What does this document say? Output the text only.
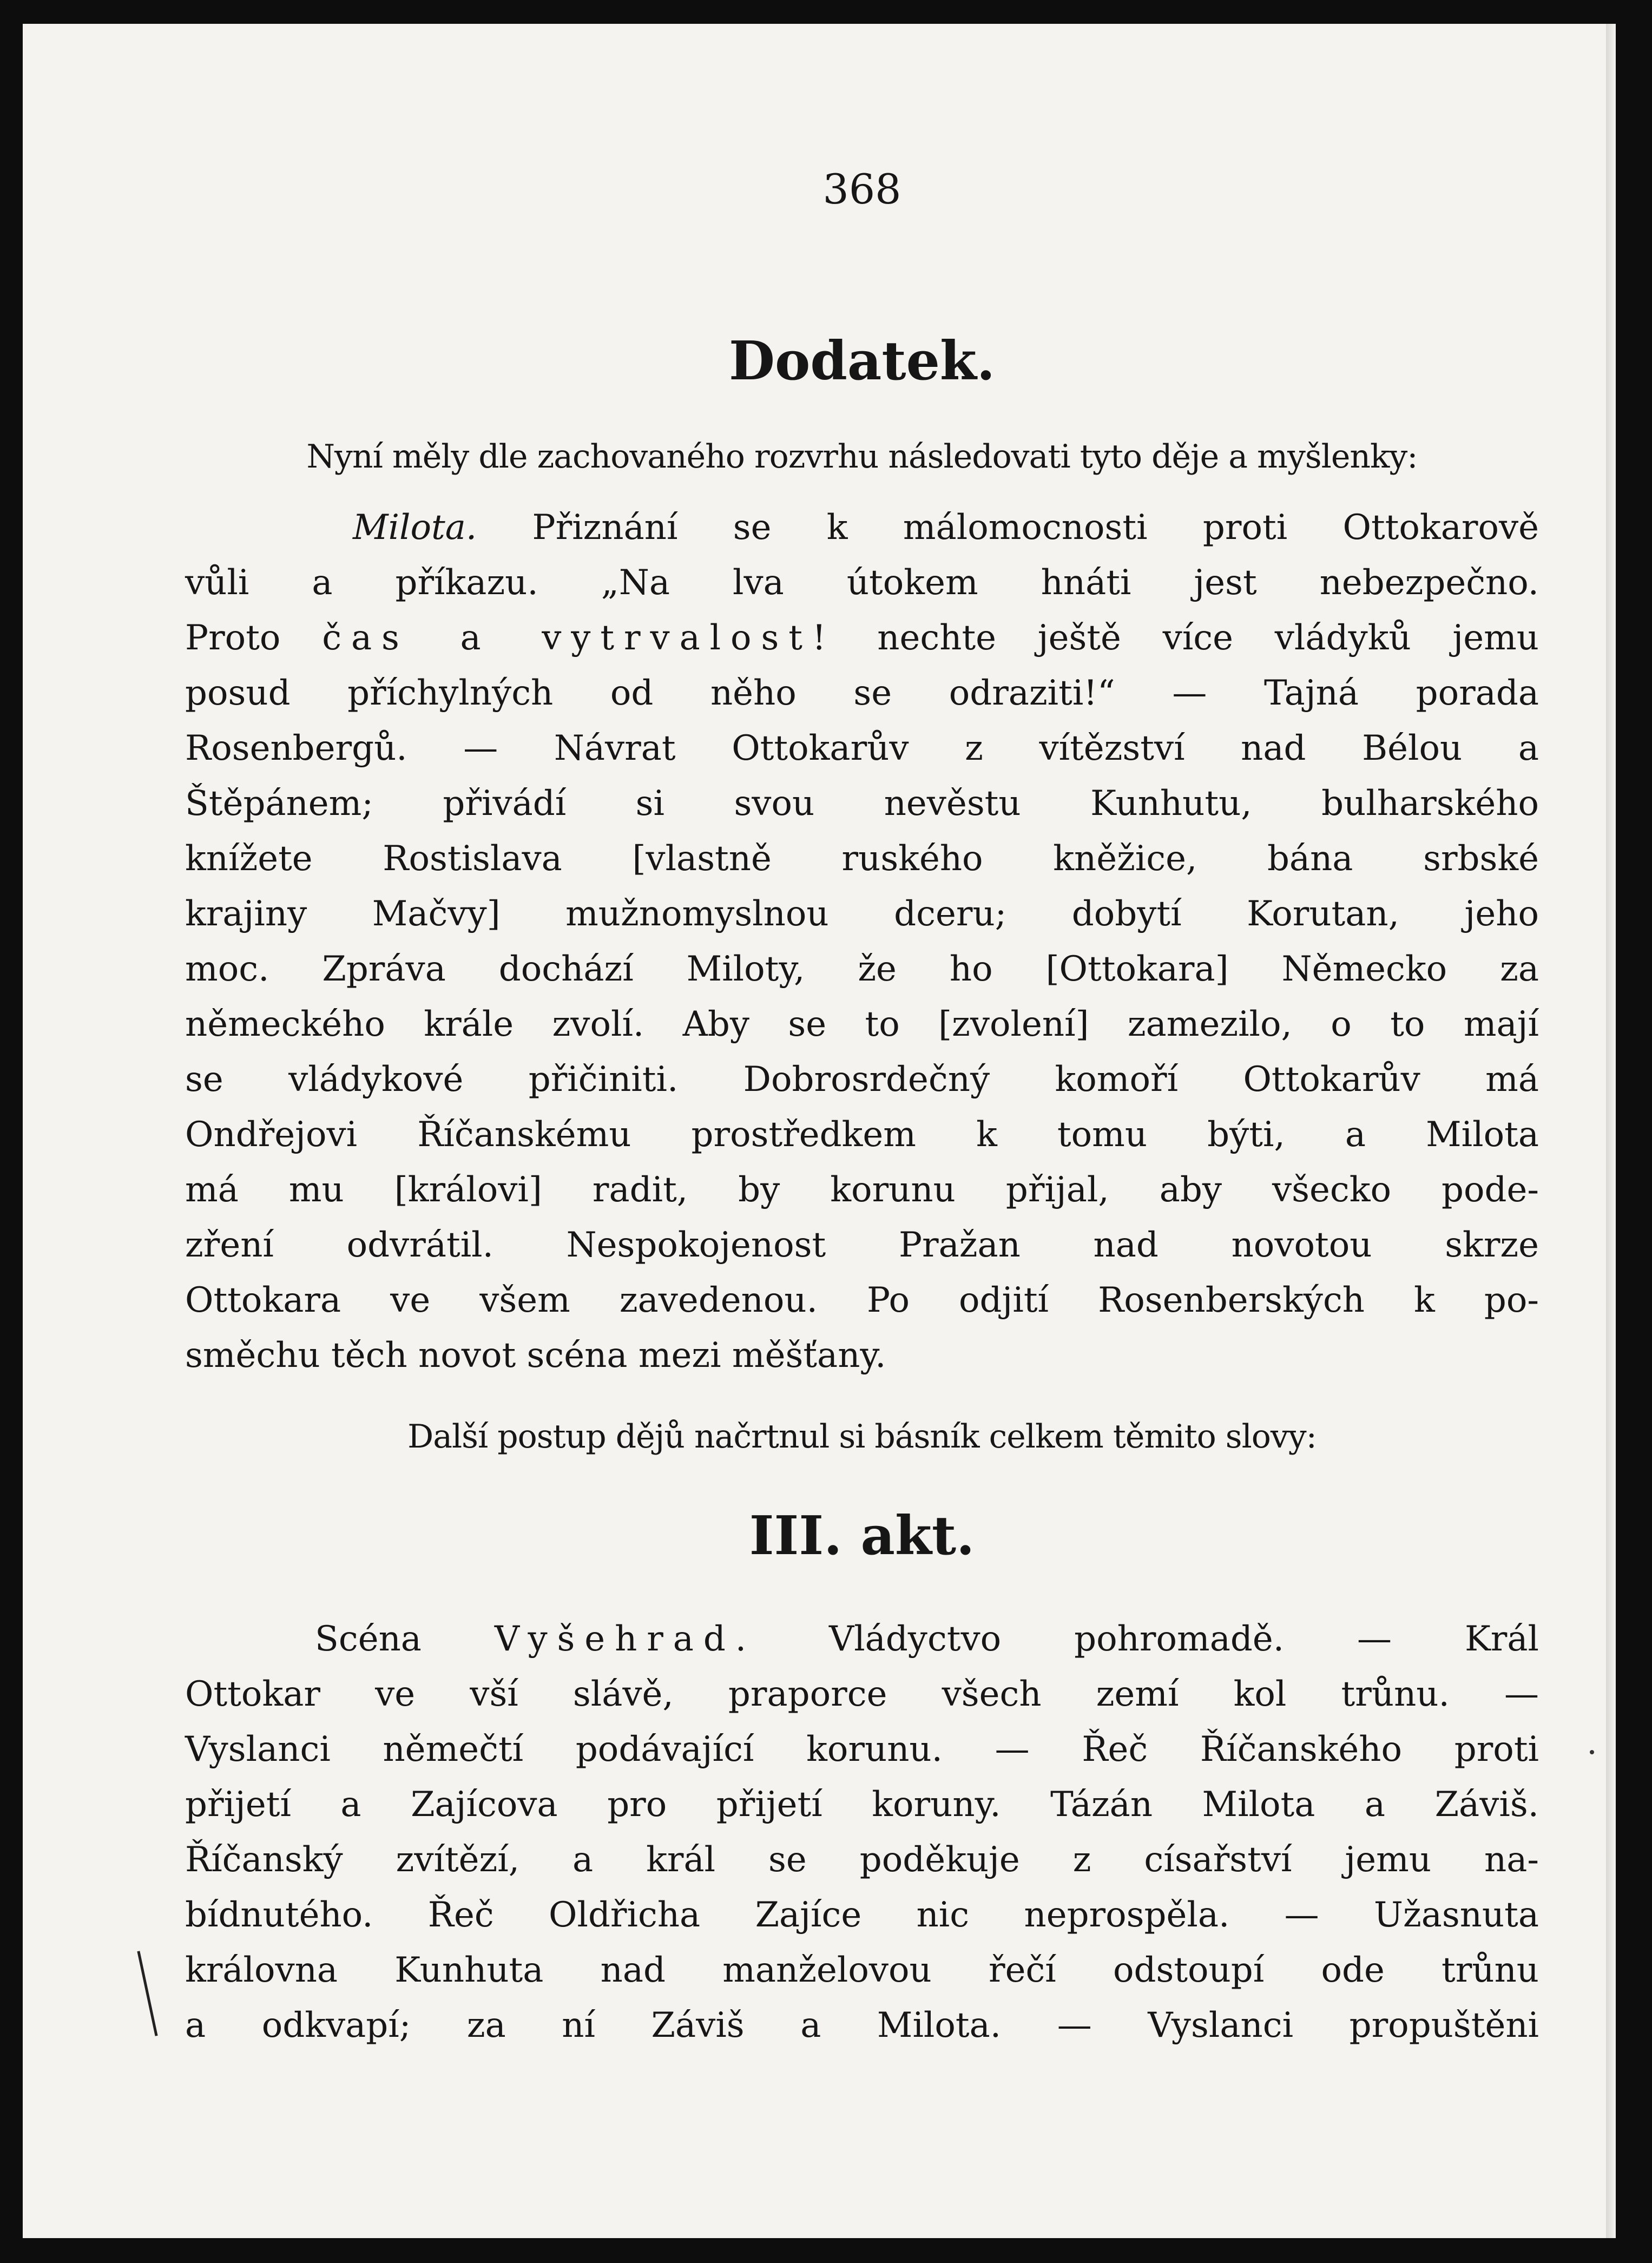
368
Dodatek.
Nyní měly dle zachovaného rozvrhu následovati tyto děje a myšlenky:
Milota. Přiznání se k málomocnosti proti Ottokarově
vůli a příkazu. „Na lva útokem hnáti jest nebezpečno.
Proto čas a vytrvalost! nechte ještě více vládyků jemu
posud příchylných od něho se odraziti!“ — Tajná porada
Rosenbergů. — Návrat Ottokarův z vítězství nad Bélou a
Štěpánem; přivádí si svou nevěstu Kunhutu, bulharského
knížete Rostislava [vlastně ruského kněžice, bána srbské
krajiny Mačvy] mužnomyslnou dceru; dobytí Korutan, jeho
moc. Zpráva dochází Miloty, že ho [Ottokara] Německo za
německého krále zvolí. Aby se to [zvolení] zamezilo, o to mají
se vládykové přičiniti. Dobrosrdečný komoří Ottokarův má
Ondřejovi Říčanskému prostředkem k tomu býti, a Milota
má mu [královi] radit, by korunu přijal, aby všecko pode-
zření odvrátil. Nespokojenost Pražan nad novotou skrze
Ottokara ve všem zavedenou. Po odjití Rosenberských k po-
směchu těch novot scéna mezi měšťany.
Další postup dějů načrtnul si básník celkem těmito slovy:
III. akt.
Scéna Vyšehrad. Vládyctvo pohromadě. — Král
Ottokar ve vší slávě, praporce všech zemí kol trůnu. —
Vyslanci němečtí podávající korunu. — Řeč Říčanského proti
přijetí a Zajícova pro přijetí koruny. Tázán Milota a Záviš.
Říčanský zvítězí, a král se poděkuje z císařství jemu na-
bídnutého. Řeč Oldřicha Zajíce nic neprospěla. — Užasnuta
královna Kunhuta nad manželovou řečí odstoupí ode trůnu
a odkvapí; za ní Záviš a Milota. — Vyslanci propuštěni
